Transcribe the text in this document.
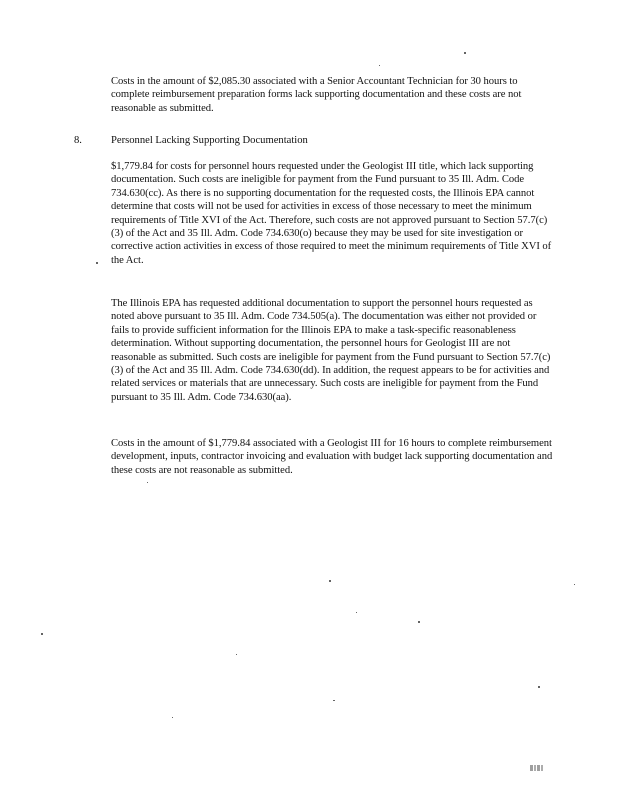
Costs in the amount of $2,085.30 associated with a Senior Accountant Technician for 30 hours to complete reimbursement preparation forms lack supporting documentation and these costs are not reasonable as submitted.

8.	Personnel Lacking Supporting Documentation

$1,779.84 for costs for personnel hours requested under the Geologist III title, which lack supporting documentation. Such costs are ineligible for payment from the Fund pursuant to 35 Ill. Adm. Code 734.630(cc). As there is no supporting documentation for the requested costs, the Illinois EPA cannot determine that costs will not be used for activities in excess of those necessary to meet the minimum requirements of Title XVI of the Act. Therefore, such costs are not approved pursuant to Section 57.7(c)(3) of the Act and 35 Ill. Adm. Code 734.630(o) because they may be used for site investigation or corrective action activities in excess of those required to meet the minimum requirements of Title XVI of the Act.

The Illinois EPA has requested additional documentation to support the personnel hours requested as noted above pursuant to 35 Ill. Adm. Code 734.505(a). The documentation was either not provided or fails to provide sufficient information for the Illinois EPA to make a task-specific reasonableness determination. Without supporting documentation, the personnel hours for Geologist III are not reasonable as submitted. Such costs are ineligible for payment from the Fund pursuant to Section 57.7(c)(3) of the Act and 35 Ill. Adm. Code 734.630(dd). In addition, the request appears to be for activities and related services or materials that are unnecessary. Such costs are ineligible for payment from the Fund pursuant to 35 Ill. Adm. Code 734.630(aa).

Costs in the amount of $1,779.84 associated with a Geologist III for 16 hours to complete reimbursement development, inputs, contractor invoicing and evaluation with budget lack supporting documentation and these costs are not reasonable as submitted.
